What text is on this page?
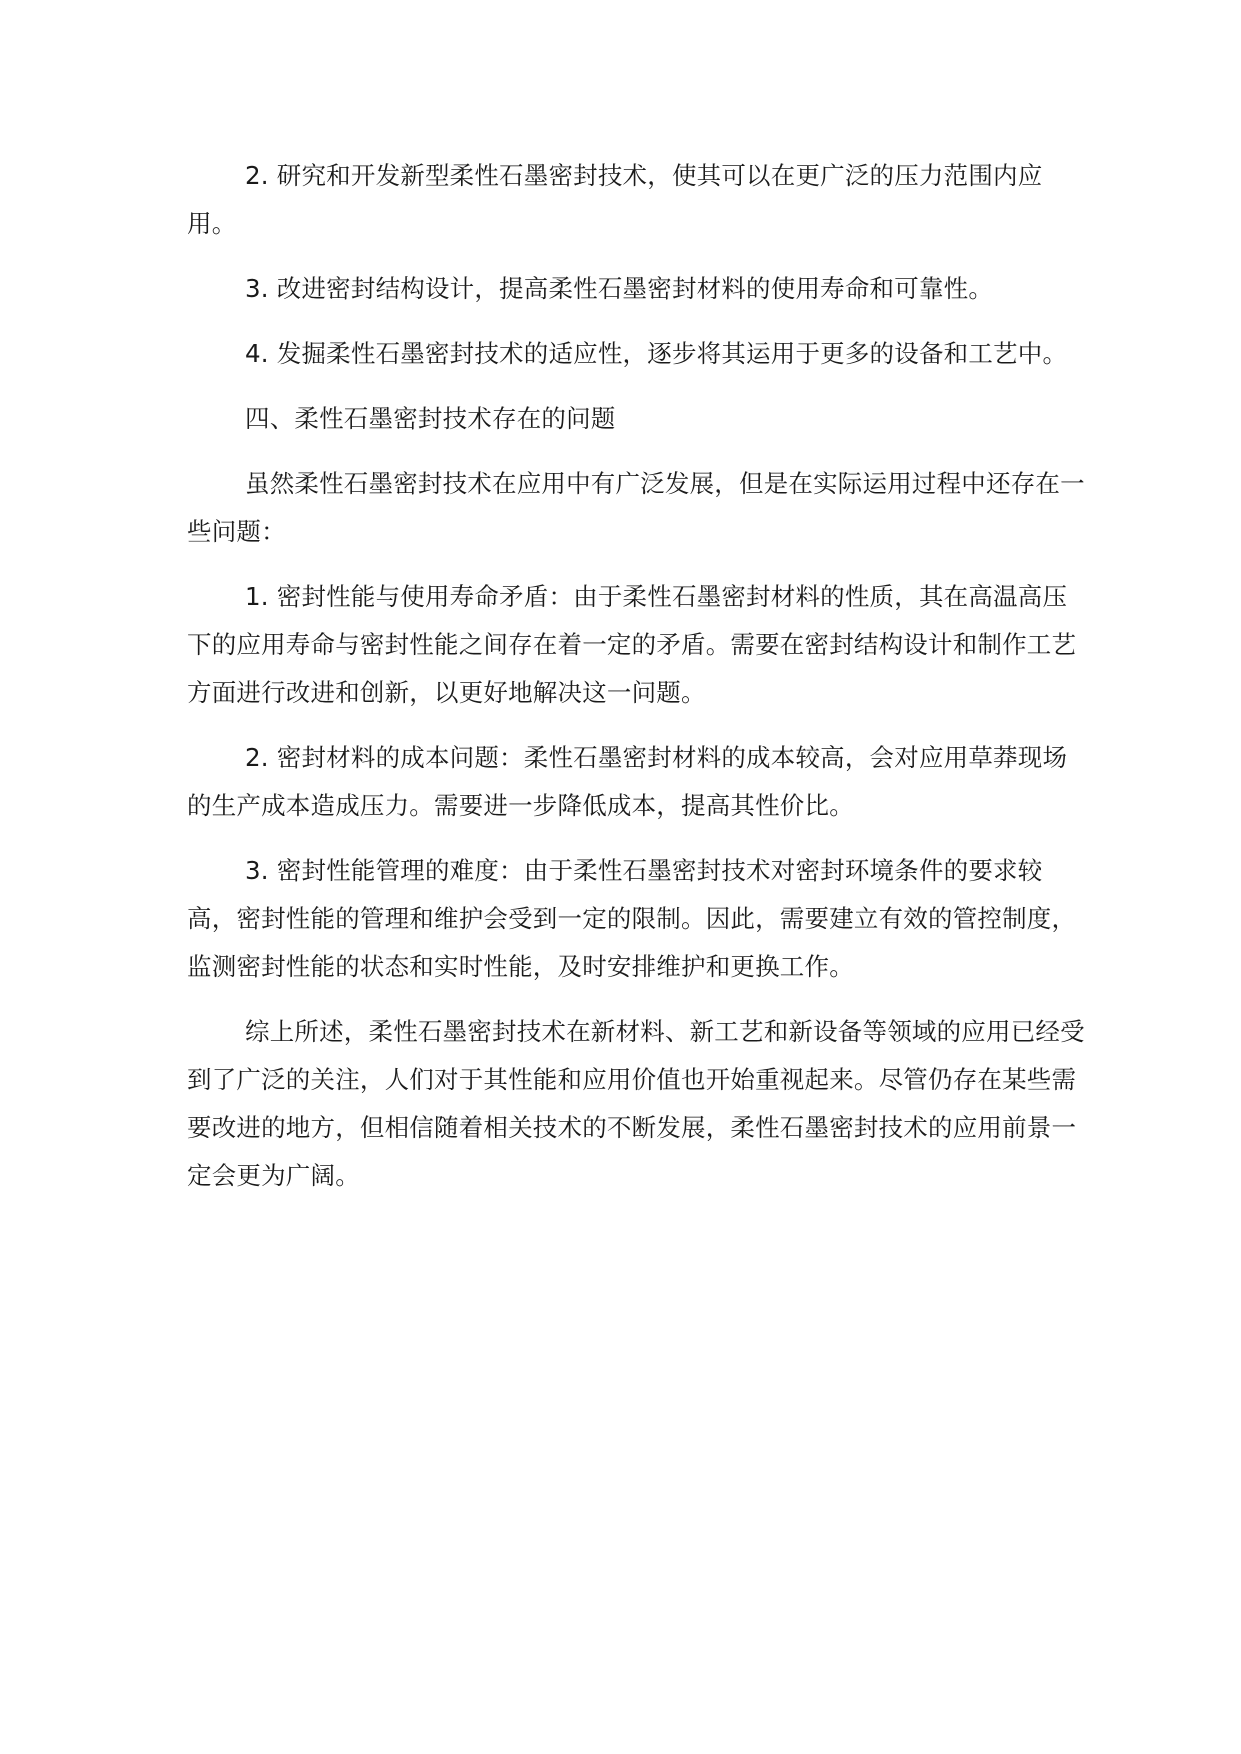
2. 研究和开发新型柔性石墨密封技术，使其可以在更广泛的压力范围内应用。

3. 改进密封结构设计，提高柔性石墨密封材料的使用寿命和可靠性。

4. 发掘柔性石墨密封技术的适应性，逐步将其运用于更多的设备和工艺中。

四、柔性石墨密封技术存在的问题

虽然柔性石墨密封技术在应用中有广泛发展，但是在实际运用过程中还存在一些问题：

1. 密封性能与使用寿命矛盾：由于柔性石墨密封材料的性质，其在高温高压下的应用寿命与密封性能之间存在着一定的矛盾。需要在密封结构设计和制作工艺方面进行改进和创新，以更好地解决这一问题。

2. 密封材料的成本问题：柔性石墨密封材料的成本较高，会对应用草莽现场的生产成本造成压力。需要进一步降低成本，提高其性价比。

3. 密封性能管理的难度：由于柔性石墨密封技术对密封环境条件的要求较高，密封性能的管理和维护会受到一定的限制。因此，需要建立有效的管控制度，监测密封性能的状态和实时性能，及时安排维护和更换工作。

综上所述，柔性石墨密封技术在新材料、新工艺和新设备等领域的应用已经受到了广泛的关注，人们对于其性能和应用价值也开始重视起来。尽管仍存在某些需要改进的地方，但相信随着相关技术的不断发展，柔性石墨密封技术的应用前景一定会更为广阔。
